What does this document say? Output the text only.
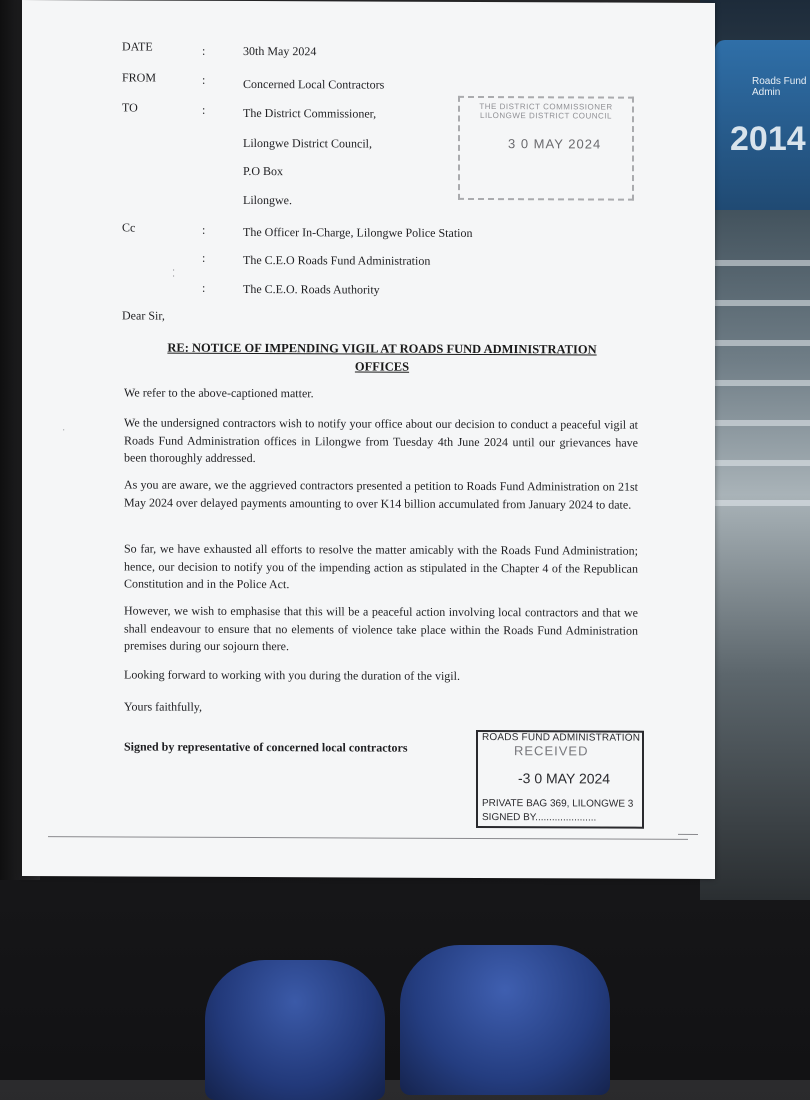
Roads Fund Admin
2014
DATE	:	30th May 2024
FROM	:	Concerned Local Contractors
TO	:	The District Commissioner,
Lilongwe District Council,
P.O Box
Lilongwe.
Cc	:	The Officer In-Charge, Lilongwe Police Station
:	The C.E.O Roads Fund Administration
:	The C.E.O. Roads Authority
THE DISTRICT COMMISSIONER LILONGWE DISTRICT COUNCIL
3 0 MAY 2024
Dear Sir,
RE: NOTICE OF IMPENDING VIGIL AT ROADS FUND ADMINISTRATION
OFFICES
We refer to the above-captioned matter.
We the undersigned contractors wish to notify your office about our decision to conduct a peaceful vigil at Roads Fund Administration offices in Lilongwe from Tuesday 4th June 2024 until our grievances have been thoroughly addressed.
As you are aware, we the aggrieved contractors presented a petition to Roads Fund Administration on 21st May 2024 over delayed payments amounting to over K14 billion accumulated from January 2024 to date.
So far, we have exhausted all efforts to resolve the matter amicably with the Roads Fund Administration; hence, our decision to notify you of the impending action as stipulated in the Chapter 4 of the Republican Constitution and in the Police Act.
However, we wish to emphasise that this will be a peaceful action involving local contractors and that we shall endeavour to ensure that no elements of violence take place within the Roads Fund Administration premises during our sojourn there.
Looking forward to working with you during the duration of the vigil.
Yours faithfully,
Signed by representative of concerned local contractors
ROADS FUND ADMINISTRATION
RECEIVED
-3 0 MAY 2024
PRIVATE BAG 369, LILONGWE 3
SIGNED BY......................
⁚
·
